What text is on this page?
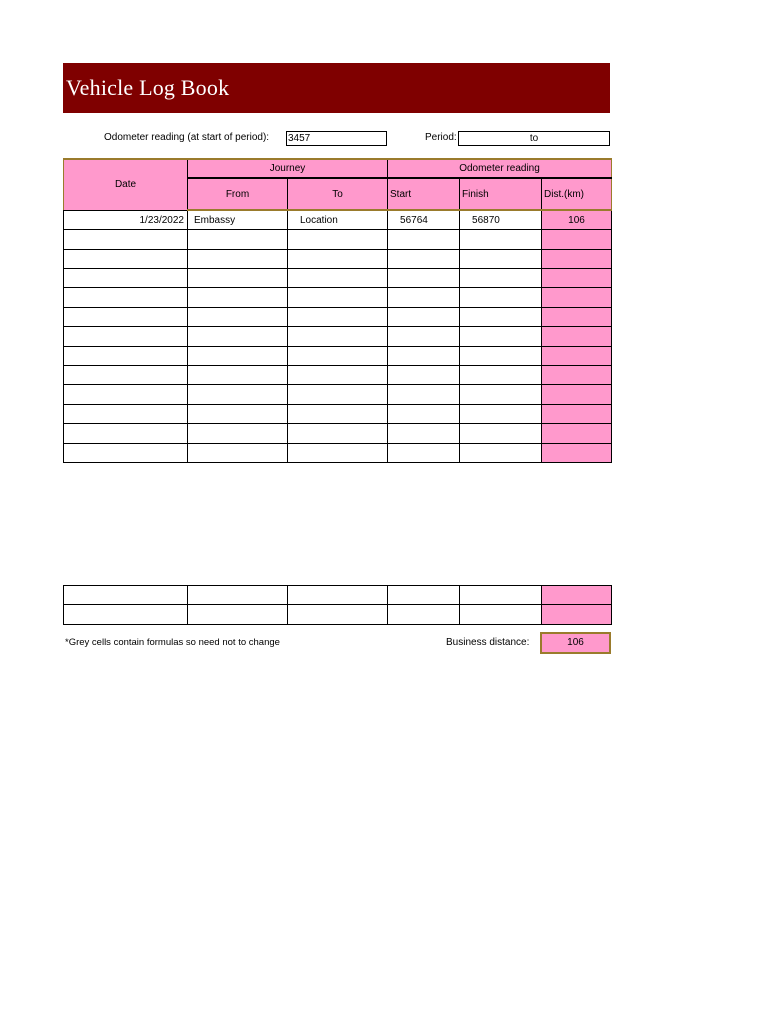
Vehicle Log Book
Odometer reading (at start of period): 3457	Period:	to
Date	Journey		Odometer reading		
	From	To	Start	Finish	Dist.(km)
1/23/2022	Embassy	Location	56764	56870	106

*Grey cells contain formulas so need not to change	Business distance:	106
